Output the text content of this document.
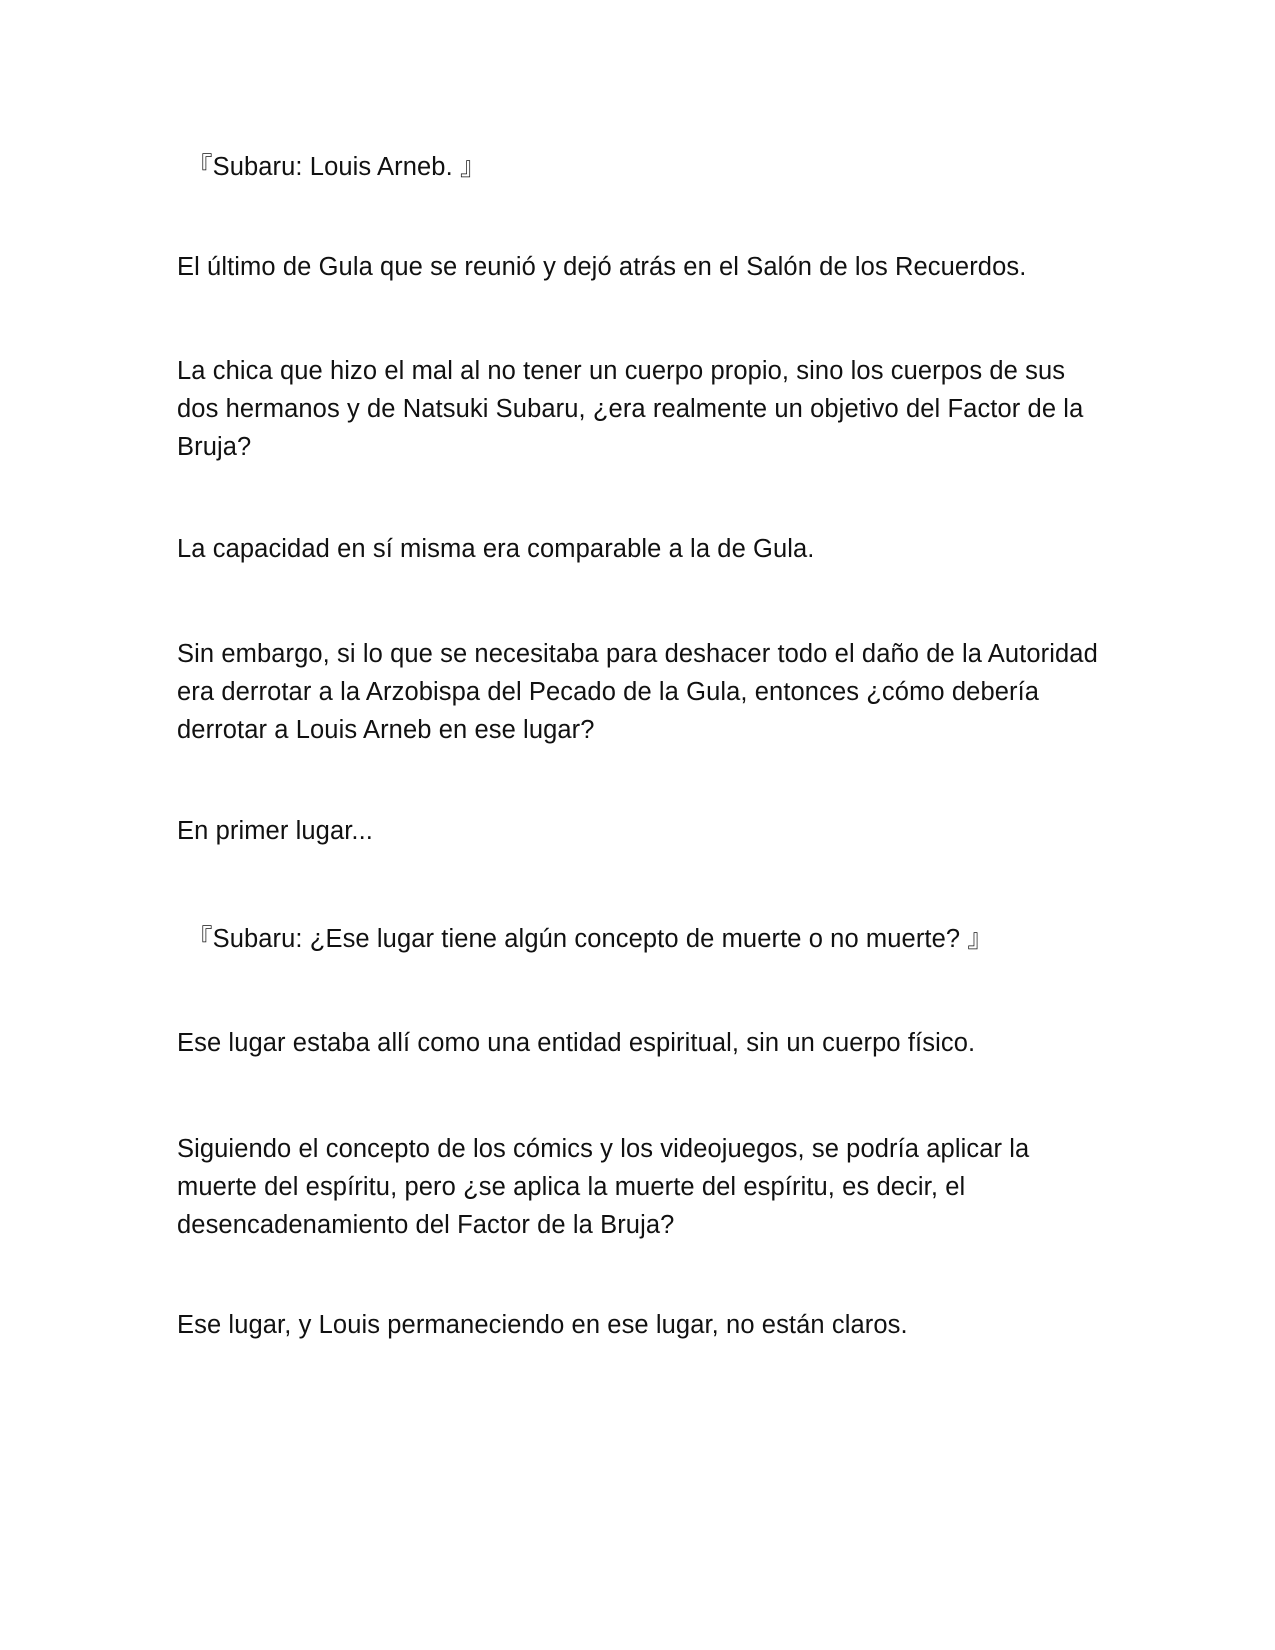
『Subaru: Louis Arneb. 』

El último de Gula que se reunió y dejó atrás en el Salón de los Recuerdos.

La chica que hizo el mal al no tener un cuerpo propio, sino los cuerpos de sus dos hermanos y de Natsuki Subaru, ¿era realmente un objetivo del Factor de la Bruja?

La capacidad en sí misma era comparable a la de Gula.

Sin embargo, si lo que se necesitaba para deshacer todo el daño de la Autoridad era derrotar a la Arzobispa del Pecado de la Gula, entonces ¿cómo debería derrotar a Louis Arneb en ese lugar?

En primer lugar...

『Subaru: ¿Ese lugar tiene algún concepto de muerte o no muerte? 』

Ese lugar estaba allí como una entidad espiritual, sin un cuerpo físico.

Siguiendo el concepto de los cómics y los videojuegos, se podría aplicar la muerte del espíritu, pero ¿se aplica la muerte del espíritu, es decir, el desencadenamiento del Factor de la Bruja?

Ese lugar, y Louis permaneciendo en ese lugar, no están claros.
